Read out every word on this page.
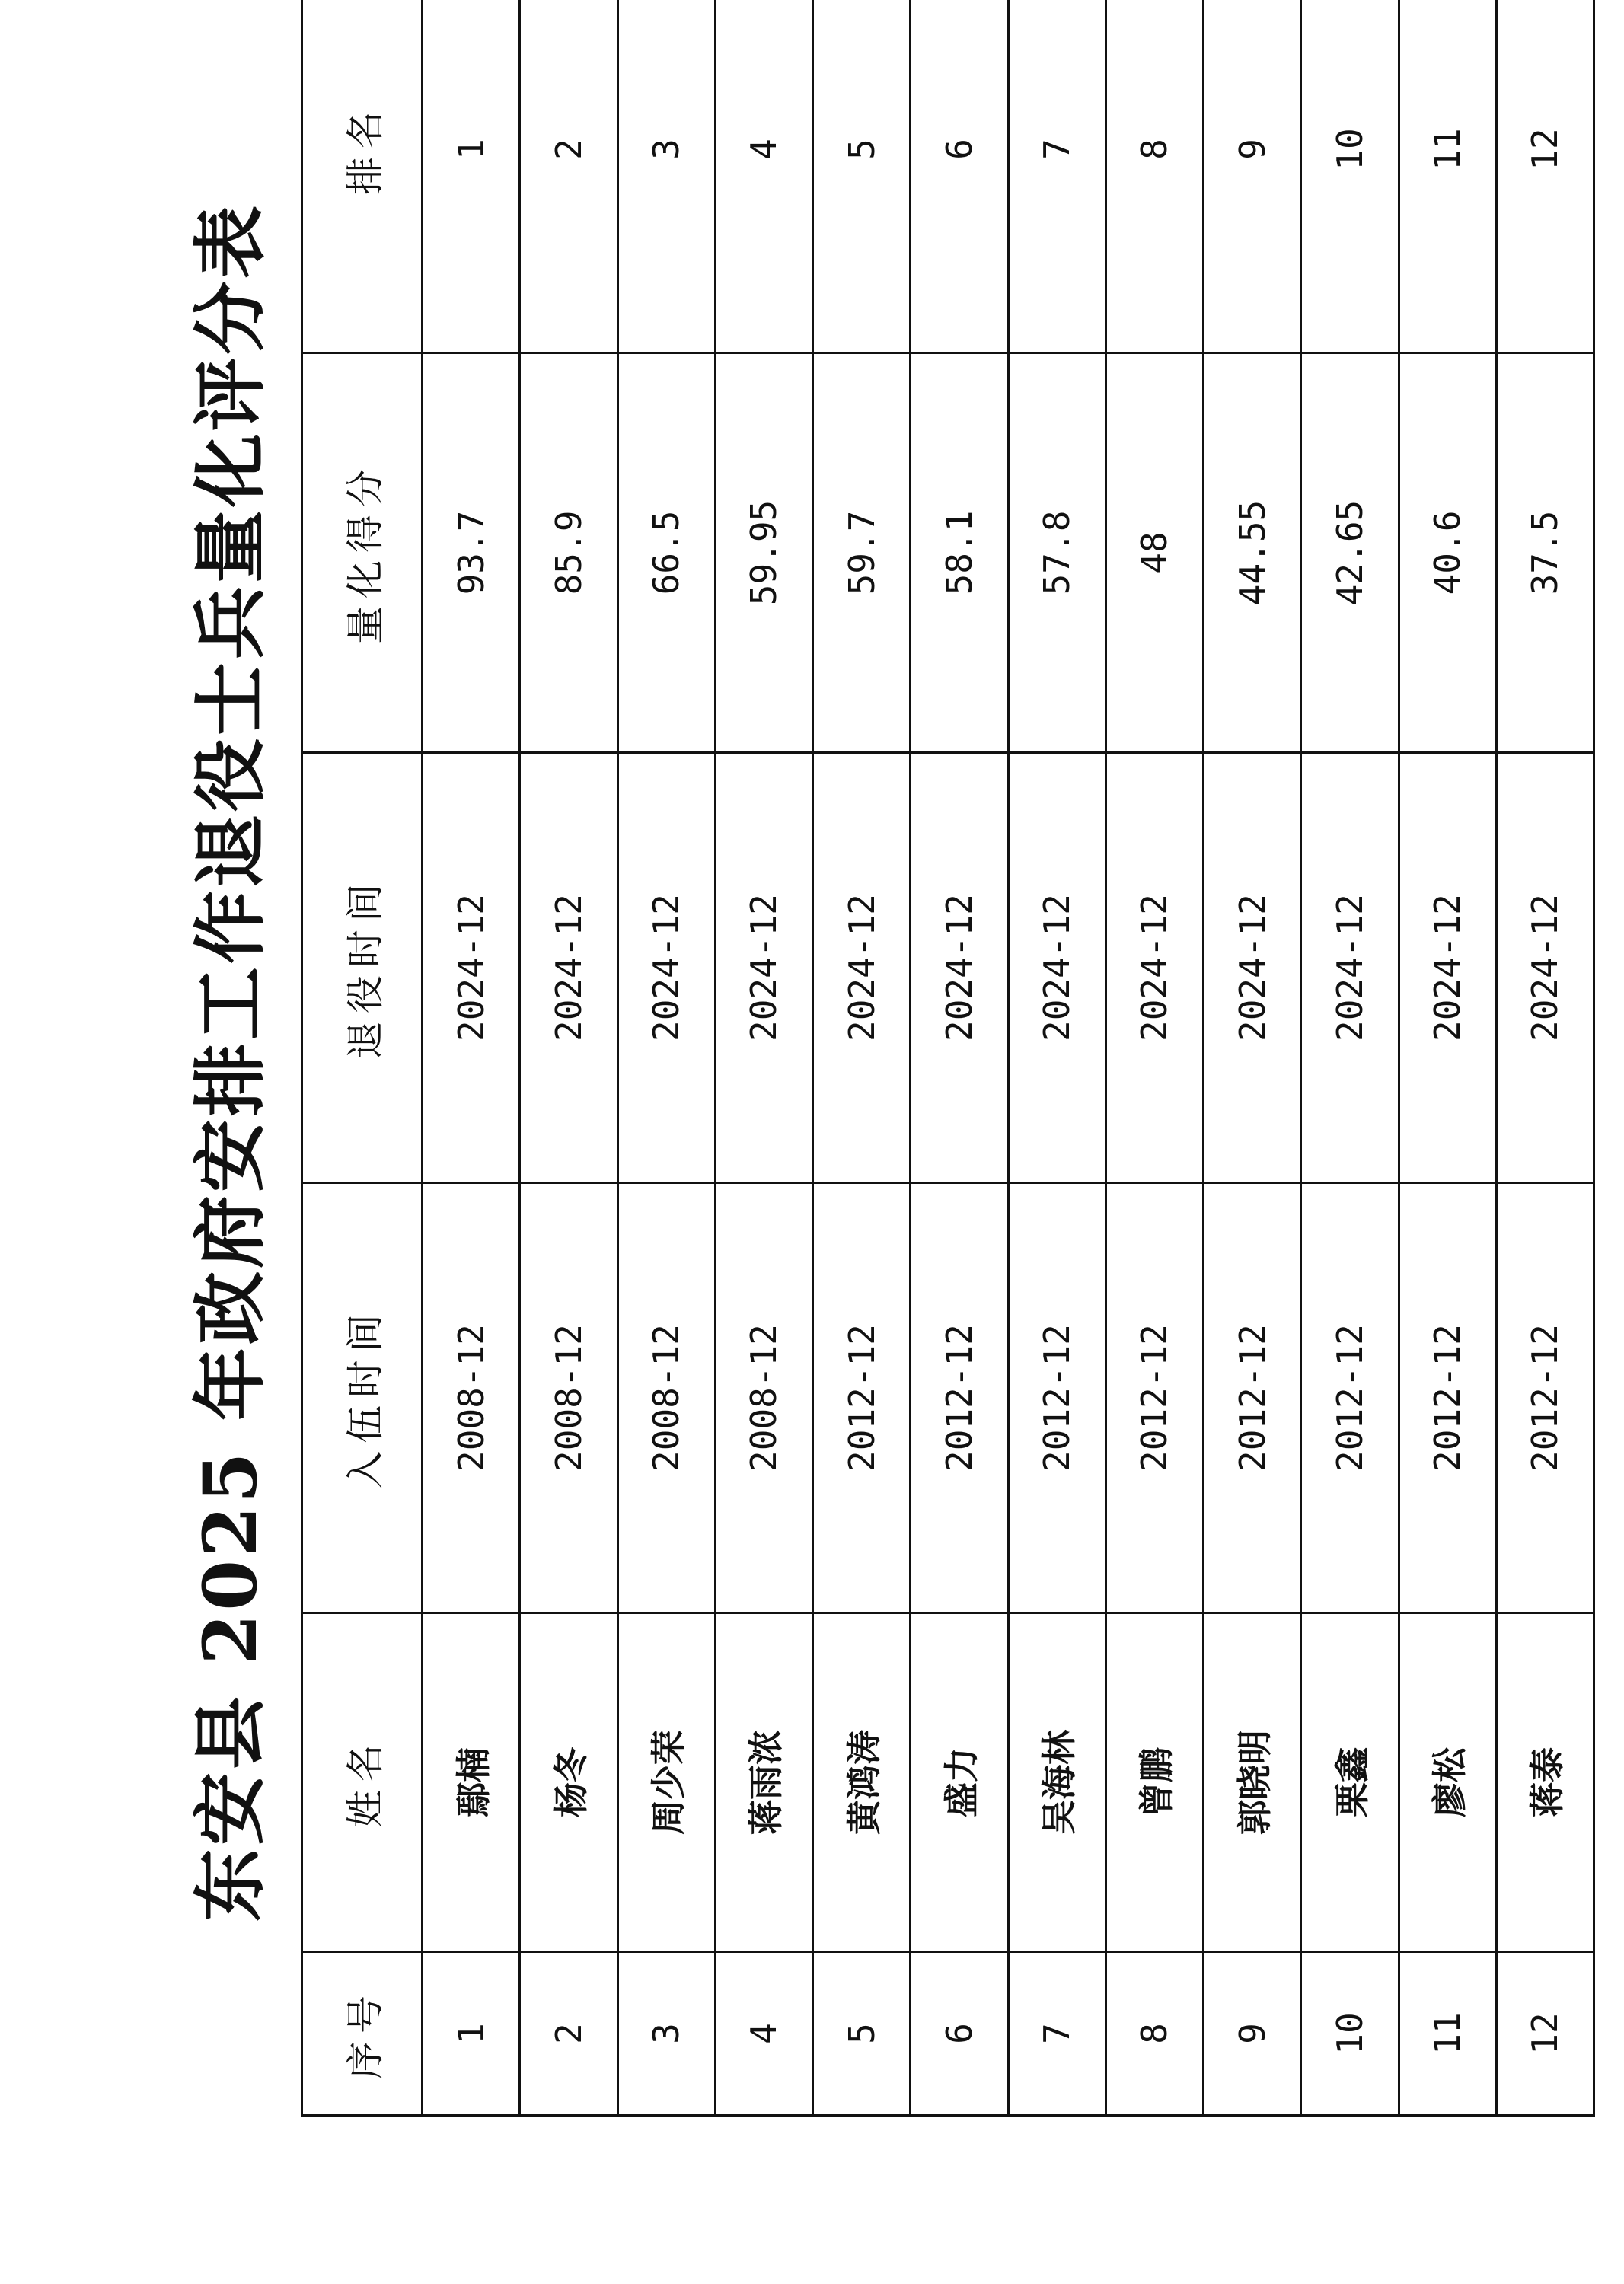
东安县 2025 年政府安排工作退役士兵量化评分表
序号	姓名	入伍时间	退役时间	量化得分	排名	
1	鄢楠	2008-12	2024-12	93.7	1	
2	杨冬	2008-12	2024-12	85.9	2	
3	周少荣	2008-12	2024-12	66.5	3	
4	蒋雨浓	2008-12	2024-12	59.95	4	
5	黄鸿涛	2012-12	2024-12	59.7	5	
6	盛力	2012-12	2024-12	58.1	6	
7	吴海林	2012-12	2024-12	57.8	7	
8	曾鹏	2012-12	2024-12	48	8	
9	郭晓明	2012-12	2024-12	44.55	9	
10	栗鑫	2012-12	2024-12	42.65	10	
11	廖松	2012-12	2024-12	40.6	11	
12	蒋泰	2012-12	2024-12	37.5	12	
